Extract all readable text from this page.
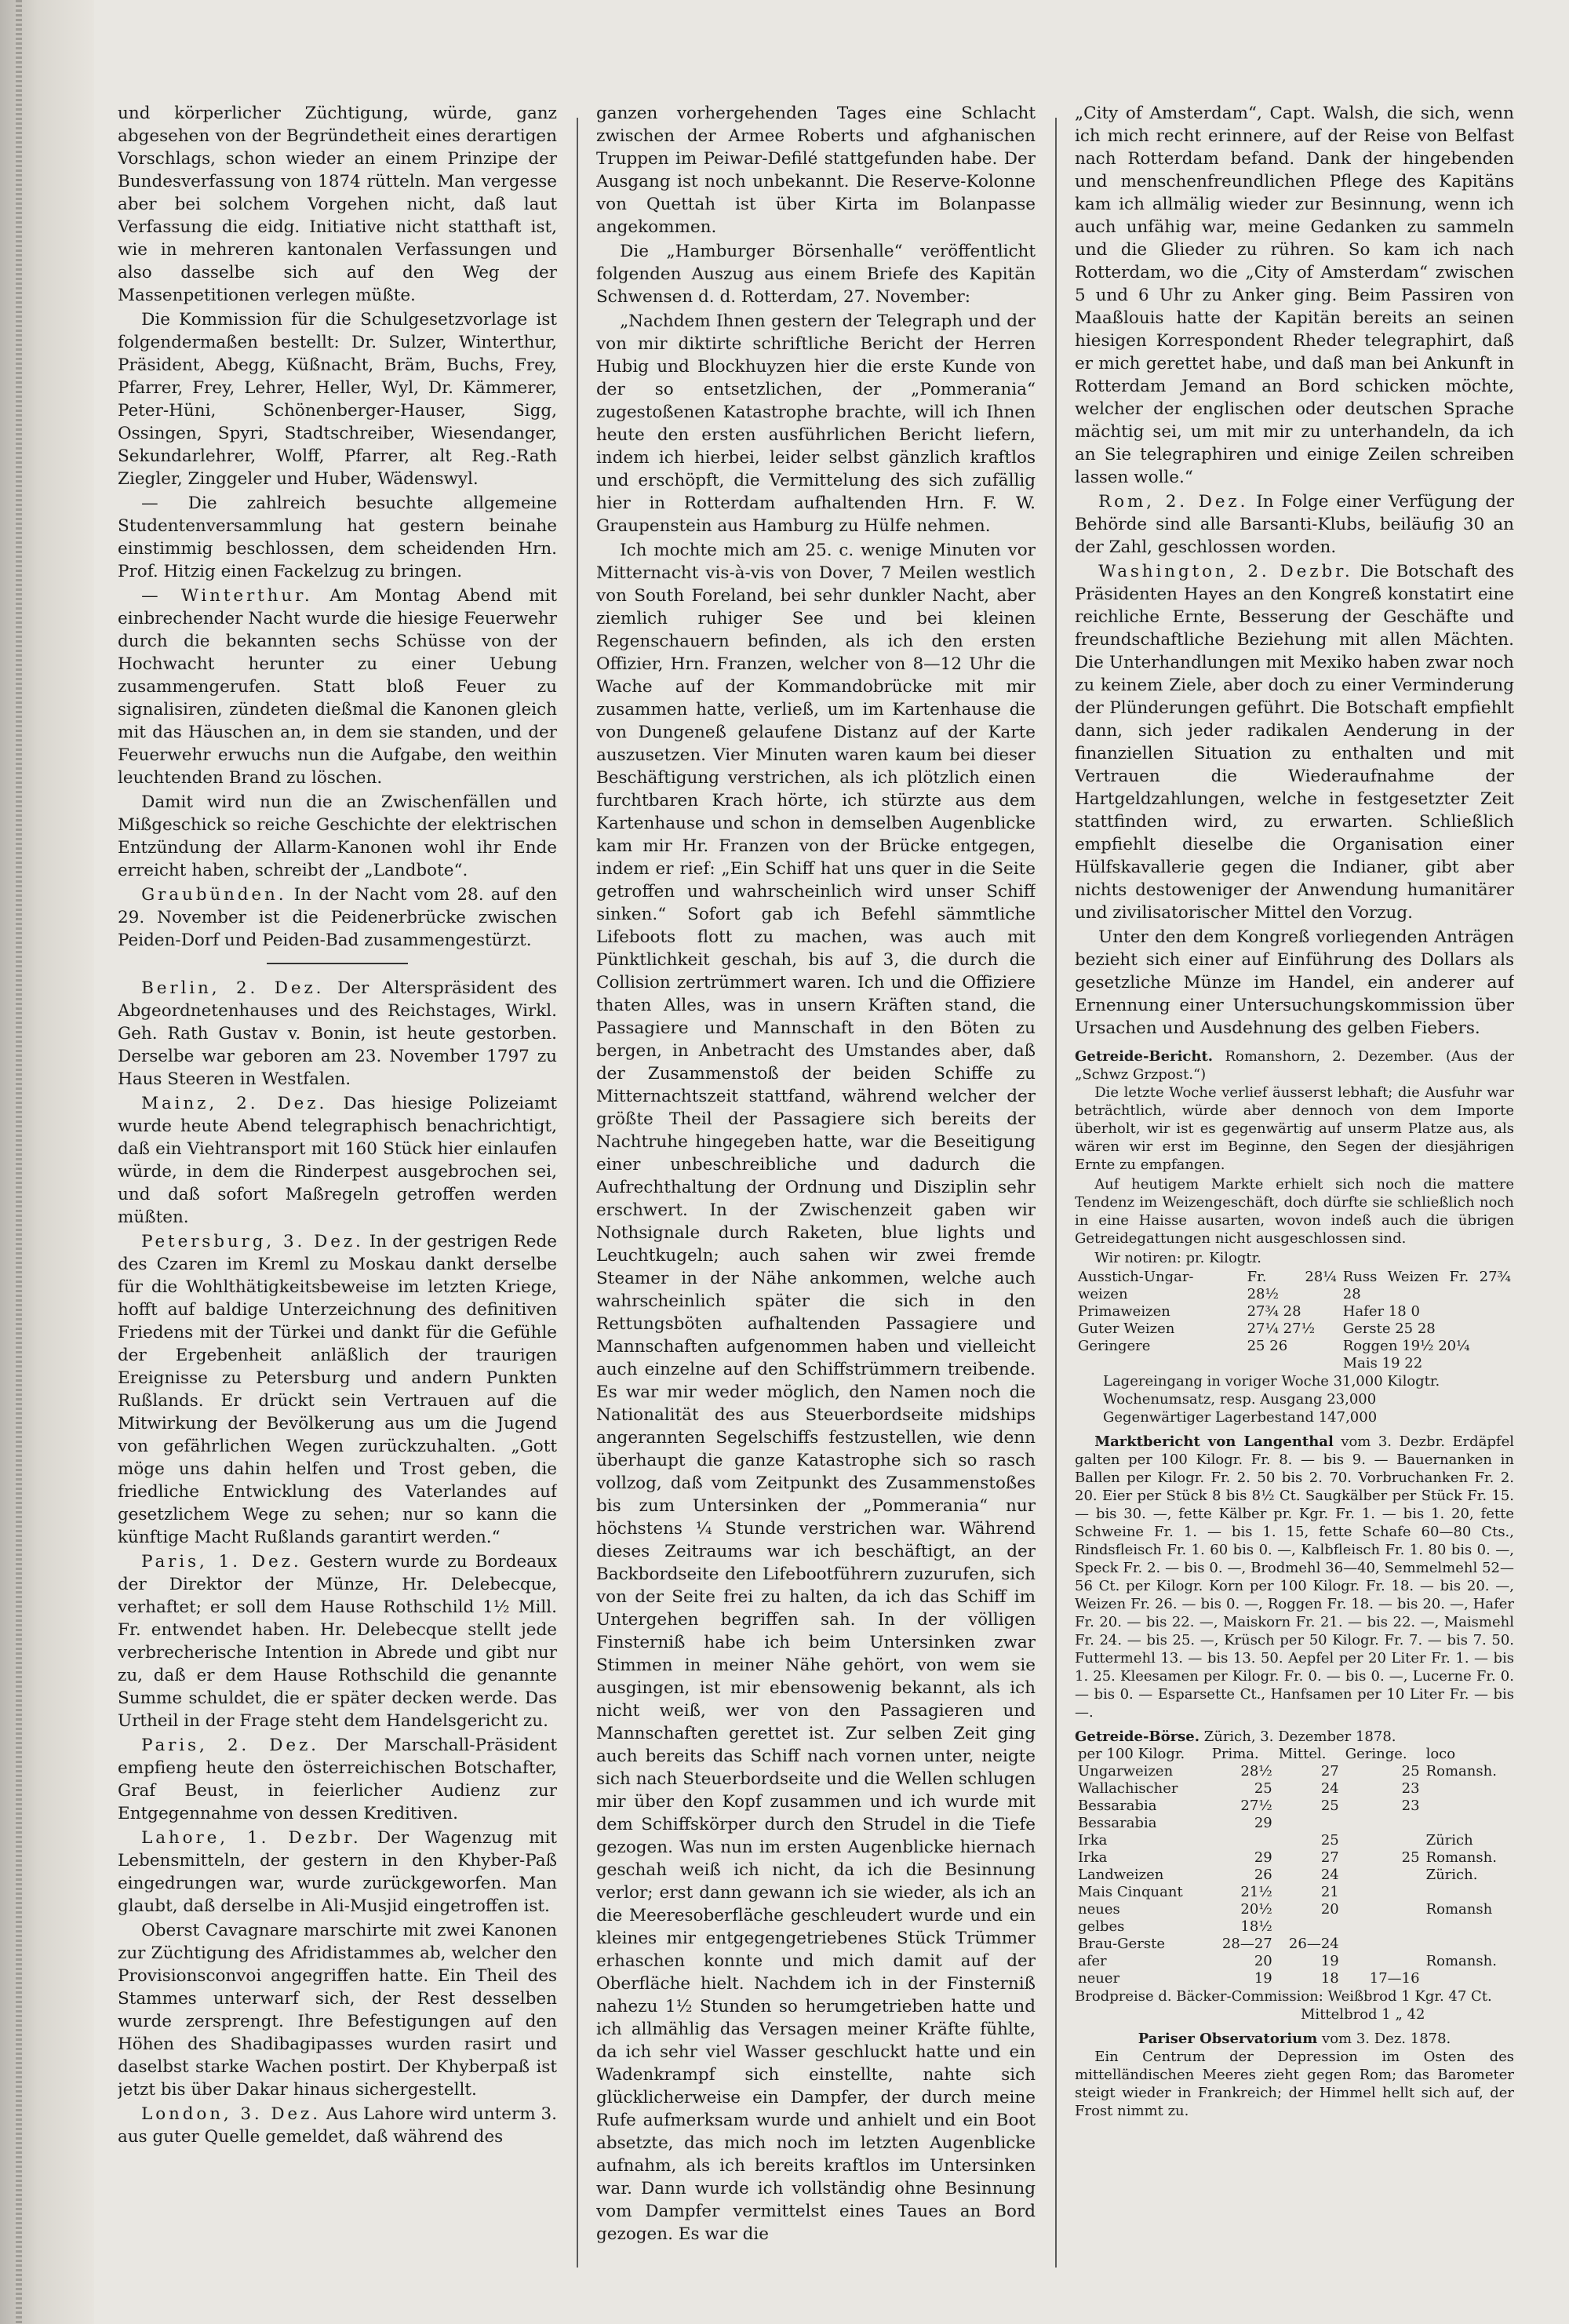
und körperlicher Züchtigung, würde, ganz abgesehen von der Begründetheit eines derartigen Vorschlags, schon wieder an einem Prinzipe der Bundesverfassung von 1874 rütteln. Man vergesse aber bei solchem Vorgehen nicht, daß laut Verfassung die eidg. Initiative nicht statthaft ist, wie in mehreren kantonalen Verfassungen und also dasselbe sich auf den Weg der Massenpetitionen verlegen müßte.

Die Kommission für die Schulgesetzvorlage ist folgendermaßen bestellt: Dr. Sulzer, Winterthur, Präsident, Abegg, Küßnacht, Bräm, Buchs, Frey, Pfarrer, Frey, Lehrer, Heller, Wyl, Dr. Kämmerer, Peter-Hüni, Schönenberger-Hauser, Sigg, Ossingen, Spyri, Stadtschreiber, Wiesendanger, Sekundarlehrer, Wolff, Pfarrer, alt Reg.-Rath Ziegler, Zinggeler und Huber, Wädenswyl.

— Die zahlreich besuchte allgemeine Studentenversammlung hat gestern beinahe einstimmig beschlossen, dem scheidenden Hrn. Prof. Hitzig einen Fackelzug zu bringen.

— Winterthur. Am Montag Abend mit einbrechender Nacht wurde die hiesige Feuerwehr durch die bekannten sechs Schüsse von der Hochwacht herunter zu einer Uebung zusammengerufen. Statt bloß Feuer zu signalisiren, zündeten dießmal die Kanonen gleich mit das Häuschen an, in dem sie standen, und der Feuerwehr erwuchs nun die Aufgabe, den weithin leuchtenden Brand zu löschen.

Damit wird nun die an Zwischenfällen und Mißgeschick so reiche Geschichte der elektrischen Entzündung der Allarm-Kanonen wohl ihr Ende erreicht haben, schreibt der „Landbote“.

Graubünden. In der Nacht vom 28. auf den 29. November ist die Peidenerbrücke zwischen Peiden-Dorf und Peiden-Bad zusammengestürzt.

Berlin, 2. Dez. Der Alterspräsident des Abgeordnetenhauses und des Reichstages, Wirkl. Geh. Rath Gustav v. Bonin, ist heute gestorben. Derselbe war geboren am 23. November 1797 zu Haus Steeren in Westfalen.

Mainz, 2. Dez. Das hiesige Polizeiamt wurde heute Abend telegraphisch benachrichtigt, daß ein Viehtransport mit 160 Stück hier einlaufen würde, in dem die Rinderpest ausgebrochen sei, und daß sofort Maßregeln getroffen werden müßten.

Petersburg, 3. Dez. In der gestrigen Rede des Czaren im Kreml zu Moskau dankt derselbe für die Wohlthätigkeitsbeweise im letzten Kriege, hofft auf baldige Unterzeichnung des definitiven Friedens mit der Türkei und dankt für die Gefühle der Ergebenheit anläßlich der traurigen Ereignisse zu Petersburg und andern Punkten Rußlands. Er drückt sein Vertrauen auf die Mitwirkung der Bevölkerung aus um die Jugend von gefährlichen Wegen zurückzuhalten. „Gott möge uns dahin helfen und Trost geben, die friedliche Entwicklung des Vaterlandes auf gesetzlichem Wege zu sehen; nur so kann die künftige Macht Rußlands garantirt werden.“

Paris, 1. Dez. Gestern wurde zu Bordeaux der Direktor der Münze, Hr. Delebecque, verhaftet; er soll dem Hause Rothschild 1½ Mill. Fr. entwendet haben. Hr. Delebecque stellt jede verbrecherische Intention in Abrede und gibt nur zu, daß er dem Hause Rothschild die genannte Summe schuldet, die er später decken werde. Das Urtheil in der Frage steht dem Handelsgericht zu.

Paris, 2. Dez. Der Marschall-Präsident empfieng heute den österreichischen Botschafter, Graf Beust, in feierlicher Audienz zur Entgegennahme von dessen Kreditiven.

Lahore, 1. Dezbr. Der Wagenzug mit Lebensmitteln, der gestern in den Khyber-Paß eingedrungen war, wurde zurückgeworfen. Man glaubt, daß derselbe in Ali-Musjid eingetroffen ist.

Oberst Cavagnare marschirte mit zwei Kanonen zur Züchtigung des Afridistammes ab, welcher den Provisionsconvoi angegriffen hatte. Ein Theil des Stammes unterwarf sich, der Rest desselben wurde zersprengt. Ihre Befestigungen auf den Höhen des Shadibagipasses wurden rasirt und daselbst starke Wachen postirt. Der Khyberpaß ist jetzt bis über Dakar hinaus sichergestellt.

London, 3. Dez. Aus Lahore wird unterm 3. aus guter Quelle gemeldet, daß während des

ganzen vorhergehenden Tages eine Schlacht zwischen der Armee Roberts und afghanischen Truppen im Peiwar-Defilé stattgefunden habe. Der Ausgang ist noch unbekannt. Die Reserve-Kolonne von Quettah ist über Kirta im Bolanpasse angekommen.

Die „Hamburger Börsenhalle“ veröffentlicht folgenden Auszug aus einem Briefe des Kapitän Schwensen d. d. Rotterdam, 27. November:

„Nachdem Ihnen gestern der Telegraph und der von mir diktirte schriftliche Bericht der Herren Hubig und Blockhuyzen hier die erste Kunde von der so entsetzlichen, der „Pommerania“ zugestoßenen Katastrophe brachte, will ich Ihnen heute den ersten ausführlichen Bericht liefern, indem ich hierbei, leider selbst gänzlich kraftlos und erschöpft, die Vermittelung des sich zufällig hier in Rotterdam aufhaltenden Hrn. F. W. Graupenstein aus Hamburg zu Hülfe nehmen.

Ich mochte mich am 25. c. wenige Minuten vor Mitternacht vis-à-vis von Dover, 7 Meilen westlich von South Foreland, bei sehr dunkler Nacht, aber ziemlich ruhiger See und bei kleinen Regenschauern befinden, als ich den ersten Offizier, Hrn. Franzen, welcher von 8—12 Uhr die Wache auf der Kommandobrücke mit mir zusammen hatte, verließ, um im Kartenhause die von Dungeneß gelaufene Distanz auf der Karte auszusetzen. Vier Minuten waren kaum bei dieser Beschäftigung verstrichen, als ich plötzlich einen furchtbaren Krach hörte, ich stürzte aus dem Kartenhause und schon in demselben Augenblicke kam mir Hr. Franzen von der Brücke entgegen, indem er rief: „Ein Schiff hat uns quer in die Seite getroffen und wahrscheinlich wird unser Schiff sinken.“ Sofort gab ich Befehl sämmtliche Lifeboots flott zu machen, was auch mit Pünktlichkeit geschah, bis auf 3, die durch die Collision zertrümmert waren. Ich und die Offiziere thaten Alles, was in unsern Kräften stand, die Passagiere und Mannschaft in den Böten zu bergen, in Anbetracht des Umstandes aber, daß der Zusammenstoß der beiden Schiffe zu Mitternachtszeit stattfand, während welcher der größte Theil der Passagiere sich bereits der Nachtruhe hingegeben hatte, war die Beseitigung einer unbeschreibliche und dadurch die Aufrechthaltung der Ordnung und Disziplin sehr erschwert. In der Zwischenzeit gaben wir Nothsignale durch Raketen, blue lights und Leuchtkugeln; auch sahen wir zwei fremde Steamer in der Nähe ankommen, welche auch wahrscheinlich später die sich in den Rettungsböten aufhaltenden Passagiere und Mannschaften aufgenommen haben und vielleicht auch einzelne auf den Schiffstrümmern treibende. Es war mir weder möglich, den Namen noch die Nationalität des aus Steuerbordseite midships angerannten Segelschiffs festzustellen, wie denn überhaupt die ganze Katastrophe sich so rasch vollzog, daß vom Zeitpunkt des Zusammenstoßes bis zum Untersinken der „Pommerania“ nur höchstens ¼ Stunde verstrichen war. Während dieses Zeitraums war ich beschäftigt, an der Backbordseite den Lifebootführern zuzurufen, sich von der Seite frei zu halten, da ich das Schiff im Untergehen begriffen sah. In der völligen Finsterniß habe ich beim Untersinken zwar Stimmen in meiner Nähe gehört, von wem sie ausgingen, ist mir ebensowenig bekannt, als ich nicht weiß, wer von den Passagieren und Mannschaften gerettet ist. Zur selben Zeit ging auch bereits das Schiff nach vornen unter, neigte sich nach Steuerbordseite und die Wellen schlugen mir über den Kopf zusammen und ich wurde mit dem Schiffskörper durch den Strudel in die Tiefe gezogen. Was nun im ersten Augenblicke hiernach geschah weiß ich nicht, da ich die Besinnung verlor; erst dann gewann ich sie wieder, als ich an die Meeresoberfläche geschleudert wurde und ein kleines mir entgegengetriebenes Stück Trümmer erhaschen konnte und mich damit auf der Oberfläche hielt. Nachdem ich in der Finsterniß nahezu 1½ Stunden so herumgetrieben hatte und ich allmählig das Versagen meiner Kräfte fühlte, da ich sehr viel Wasser geschluckt hatte und ein Wadenkrampf sich einstellte, nahte sich glücklicherweise ein Dampfer, der durch meine Rufe aufmerksam wurde und anhielt und ein Boot absetzte, das mich noch im letzten Augenblicke aufnahm, als ich bereits kraftlos im Untersinken war. Dann wurde ich vollständig ohne Besinnung vom Dampfer vermittelst eines Taues an Bord gezogen. Es war die

„City of Amsterdam“, Capt. Walsh, die sich, wenn ich mich recht erinnere, auf der Reise von Belfast nach Rotterdam befand. Dank der hingebenden und menschenfreundlichen Pflege des Kapitäns kam ich allmälig wieder zur Besinnung, wenn ich auch unfähig war, meine Gedanken zu sammeln und die Glieder zu rühren. So kam ich nach Rotterdam, wo die „City of Amsterdam“ zwischen 5 und 6 Uhr zu Anker ging. Beim Passiren von Maaßlouis hatte der Kapitän bereits an seinen hiesigen Korrespondent Rheder telegraphirt, daß er mich gerettet habe, und daß man bei Ankunft in Rotterdam Jemand an Bord schicken möchte, welcher der englischen oder deutschen Sprache mächtig sei, um mit mir zu unterhandeln, da ich an Sie telegraphiren und einige Zeilen schreiben lassen wolle.“

Rom, 2. Dez. In Folge einer Verfügung der Behörde sind alle Barsanti-Klubs, beiläufig 30 an der Zahl, geschlossen worden.

Washington, 2. Dezbr. Die Botschaft des Präsidenten Hayes an den Kongreß konstatirt eine reichliche Ernte, Besserung der Geschäfte und freundschaftliche Beziehung mit allen Mächten. Die Unterhandlungen mit Mexiko haben zwar noch zu keinem Ziele, aber doch zu einer Verminderung der Plünderungen geführt. Die Botschaft empfiehlt dann, sich jeder radikalen Aenderung in der finanziellen Situation zu enthalten und mit Vertrauen die Wiederaufnahme der Hartgeldzahlungen, welche in festgesetzter Zeit stattfinden wird, zu erwarten. Schließlich empfiehlt dieselbe die Organisation einer Hülfskavallerie gegen die Indianer, gibt aber nichts destoweniger der Anwendung humanitärer und zivilisatorischer Mittel den Vorzug.

Unter den dem Kongreß vorliegenden Anträgen bezieht sich einer auf Einführung des Dollars als gesetzliche Münze im Handel, ein anderer auf Ernennung einer Untersuchungskommission über Ursachen und Ausdehnung des gelben Fiebers.

Getreide-Bericht. Romanshorn, 2. Dezember. (Aus der „Schwz Grzpost.“)

Die letzte Woche verlief äusserst lebhaft; die Ausfuhr war beträchtlich, würde aber dennoch von dem Importe überholt, wir ist es gegenwärtig auf unserm Platze aus, als wären wir erst im Beginne, den Segen der diesjährigen Ernte zu empfangen.

Auf heutigem Markte erhielt sich noch die mattere Tendenz im Weizengeschäft, doch dürfte sie schließlich noch in eine Haisse ausarten, wovon indeß auch die übrigen Getreidegattungen nicht ausgeschlossen sind.

Wir notiren: pr. Kilogtr.

Ausstich-Ungar-weizen	Fr. 28¼ 28½	Russ Weizen Fr. 27¾ 28
Primaweizen	27¾ 28	Hafer 18 0
Guter Weizen	27¼ 27½	Gerste 25 28
Geringere	25 26	Roggen 19½ 20¼
		Mais 19 22
Lagereingang in voriger Woche 31,000 Kilogtr.
Wochenumsatz, resp. Ausgang 23,000
Gegenwärtiger Lagerbestand 147,000

Marktbericht von Langenthal vom 3. Dezbr. Erdäpfel galten per 100 Kilogr. Fr. 8. — bis 9. — Bauernanken in Ballen per Kilogr. Fr. 2. 50 bis 2. 70. Vorbruchanken Fr. 2. 20. Eier per Stück 8 bis 8½ Ct. Saugkälber per Stück Fr. 15. — bis 30. —, fette Kälber pr. Kgr. Fr. 1. — bis 1. 20, fette Schweine Fr. 1. — bis 1. 15, fette Schafe 60—80 Cts., Rindsfleisch Fr. 1. 60 bis 0. —, Kalbfleisch Fr. 1. 80 bis 0. —, Speck Fr. 2. — bis 0. —, Brodmehl 36—40, Semmelmehl 52—56 Ct. per Kilogr. Korn per 100 Kilogr. Fr. 18. — bis 20. —, Weizen Fr. 26. — bis 0. —, Roggen Fr. 18. — bis 20. —, Hafer Fr. 20. — bis 22. —, Maiskorn Fr. 21. — bis 22. —, Maismehl Fr. 24. — bis 25. —, Krüsch per 50 Kilogr. Fr. 7. — bis 7. 50. Futtermehl 13. — bis 13. 50. Aepfel per 20 Liter Fr. 1. — bis 1. 25. Kleesamen per Kilogr. Fr. 0. — bis 0. —, Lucerne Fr. 0. — bis 0. — Esparsette Ct., Hanfsamen per 10 Liter Fr. — bis —.

Getreide-Börse. Zürich, 3. Dezember 1878.
per 100 Kilogr.	Prima.	Mittel.	Geringe.	loco
Ungarweizen	28½	27	25	Romansh.
Wallachischer	25	24	23	
Bessarabia	27½	25	23	
Bessarabia	29			
Irka		25		Zürich
Irka	29	27	25	Romansh.
Landweizen	26	24		Zürich.
Mais Cinquant	21½	21		
neues	20½	20		Romansh
gelbes	18½			
Brau-Gerste	28—27	26—24		
afer	20	19		Romansh.
neuer	19	18	17—16	
Brodpreise d. Bäcker-Commission: Weißbrod 1 Kgr. 47 Ct.
Mittelbrod 1 „ 42
Pariser Observatorium vom 3. Dez. 1878.

Ein Centrum der Depression im Osten des mittelländischen Meeres zieht gegen Rom; das Barometer steigt wieder in Frankreich; der Himmel hellt sich auf, der Frost nimmt zu.
